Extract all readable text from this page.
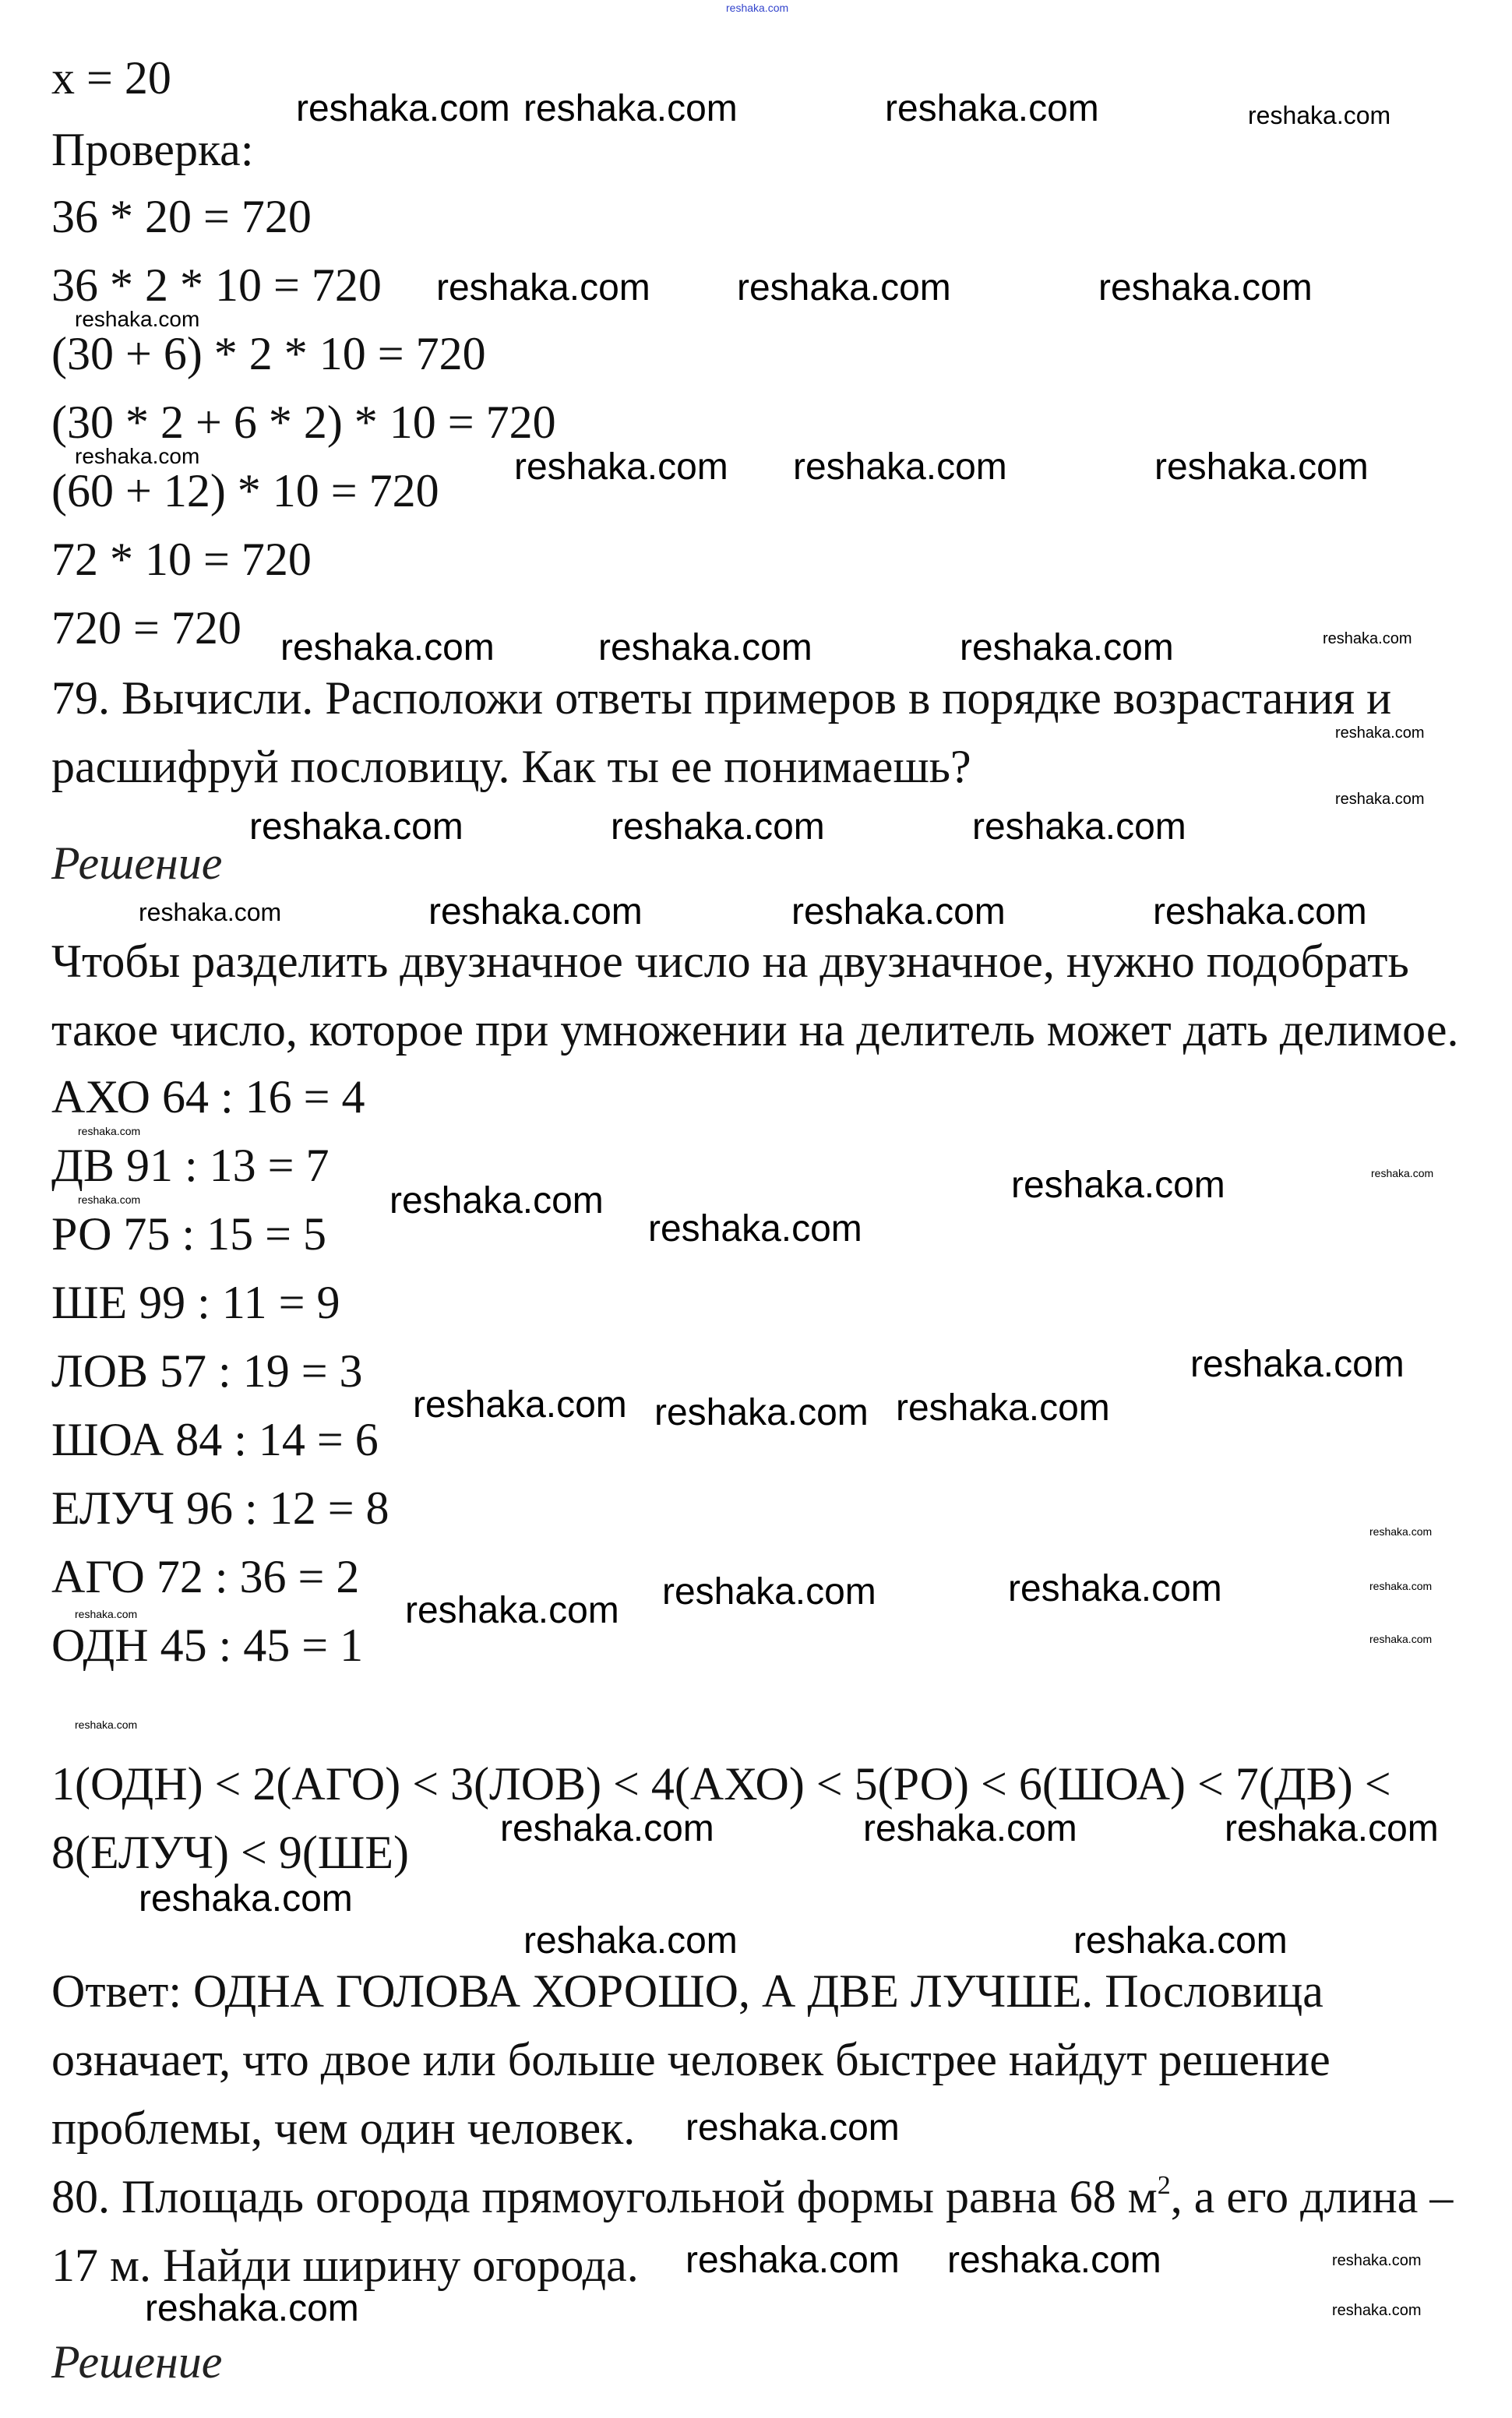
reshaka.com
x = 20
Проверка:
36 * 20 = 720
36 * 2 * 10 = 720
(30 + 6) * 2 * 10 = 720
(30 * 2 + 6 * 2) * 10 = 720
(60 + 12) * 10 = 720
72 * 10 = 720
720 = 720
79. Вычисли. Расположи ответы примеров в порядке возрастания и
расшифруй пословицу. Как ты ее понимаешь?
Решение
Чтобы разделить двузначное число на двузначное, нужно подобрать
такое число, которое при умножении на делитель может дать делимое.
АХО 64 : 16 = 4
ДВ 91 : 13 = 7
РО 75 : 15 = 5
ШЕ 99 : 11 = 9
ЛОВ 57 : 19 = 3
ШОА 84 : 14 = 6
ЕЛУЧ 96 : 12 = 8
АГО 72 : 36 = 2
ОДН 45 : 45 = 1
1(ОДН) < 2(АГО) < 3(ЛОВ) < 4(АХО) < 5(РО) < 6(ШОА) < 7(ДВ) <
8(ЕЛУЧ) < 9(ШЕ)
Ответ: ОДНА ГОЛОВА ХОРОШО, А ДВЕ ЛУЧШЕ. Пословица
означает, что двое или больше человек быстрее найдут решение
проблемы, чем один человек.
80. Площадь огорода прямоугольной формы равна 68 $м^2$, а его длина –
17 м. Найди ширину огорода.
Решение
reshaka.com reshaka.com	reshaka.com	reshaka.com
reshaka.com reshaka.com	reshaka.com
reshaka.com
reshaka.com	reshaka.com reshaka.com	reshaka.com
reshaka.com	reshaka.com	reshaka.com	reshaka.com
reshaka.com
reshaka.com
reshaka.com	reshaka.com	reshaka.com
reshaka.com	reshaka.com	reshaka.com	reshaka.com
reshaka.com
reshaka.com	reshaka.com	reshaka.com
reshaka.com
reshaka.com
reshaka.com
reshaka.com reshaka.com reshaka.com
reshaka.com
reshaka.com reshaka.com	reshaka.com	reshaka.com
reshaka.com
reshaka.com
reshaka.com
reshaka.com	reshaka.com	reshaka.com
reshaka.com
reshaka.com	reshaka.com
reshaka.com
reshaka.com reshaka.com	reshaka.com
reshaka.com	reshaka.com
